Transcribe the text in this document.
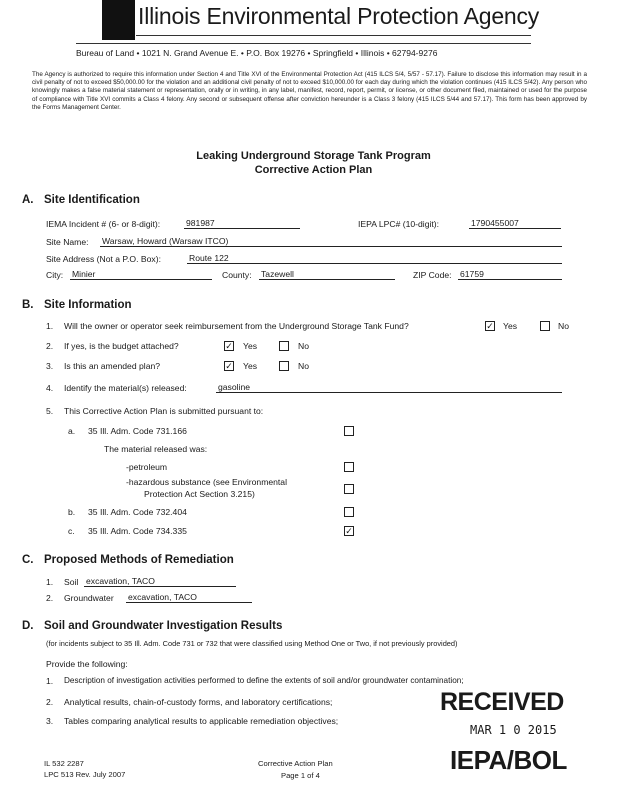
Illinois Environmental Protection Agency
Bureau of Land • 1021 N. Grand Avenue E. • P.O. Box 19276 • Springfield • Illinois • 62794-9276
The Agency is authorized to require this information under Section 4 and Title XVI of the Environmental Protection Act (415 ILCS 5/4, 5/57 - 57.17). Failure to disclose this information may result in a civil penalty of not to exceed $50,000.00 for the violation and an additional civil penalty of not to exceed $10,000.00 for each day during which the violation continues (415 ILCS 5/42). Any person who knowingly makes a false material statement or representation, orally or in writing, in any label, manifest, record, report, permit, or license, or other document filed, maintained or used for the purpose of compliance with Title XVI commits a Class 4 felony. Any second or subsequent offense after conviction hereunder is a Class 3 felony (415 ILCS 5/44 and 57.17). This form has been approved by the Forms Management Center.
Leaking Underground Storage Tank Program
Corrective Action Plan
A. Site Identification
IEMA Incident # (6- or 8-digit):	981987	IEPA LPC# (10-digit):	1790455007
Site Name: Warsaw, Howard (Warsaw ITCO)
Site Address (Not a P.O. Box):	Route 122
City: Minier	County: Tazewell	ZIP Code: 61759
B. Site Information
1. Will the owner or operator seek reimbursement from the Underground Storage Tank Fund?	✓ Yes	No
2. If yes, is the budget attached?	✓ Yes	No
3. Is this an amended plan?	✓ Yes	No
4. Identify the material(s) released:	gasoline
5. This Corrective Action Plan is submitted pursuant to:
a. 35 Ill. Adm. Code 731.166
The material released was:
-petroleum
-hazardous substance (see Environmental
Protection Act Section 3.215)
b. 35 Ill. Adm. Code 732.404
c. 35 Ill. Adm. Code 734.335	✓
C. Proposed Methods of Remediation
1. Soil excavation, TACO
2. Groundwater excavation, TACO
D. Soil and Groundwater Investigation Results
(for incidents subject to 35 Ill. Adm. Code 731 or 732 that were classified using Method One or Two, if not previously provided)
Provide the following:
1. Description of investigation activities performed to define the extents of soil and/or groundwater contamination;
2. Analytical results, chain-of-custody forms, and laboratory certifications;
3. Tables comparing analytical results to applicable remediation objectives;
RECEIVED
MAR 1 0 2015
IEPA/BOL
IL 532 2287
LPC 513 Rev. July 2007
Corrective Action Plan
Page 1 of 4
